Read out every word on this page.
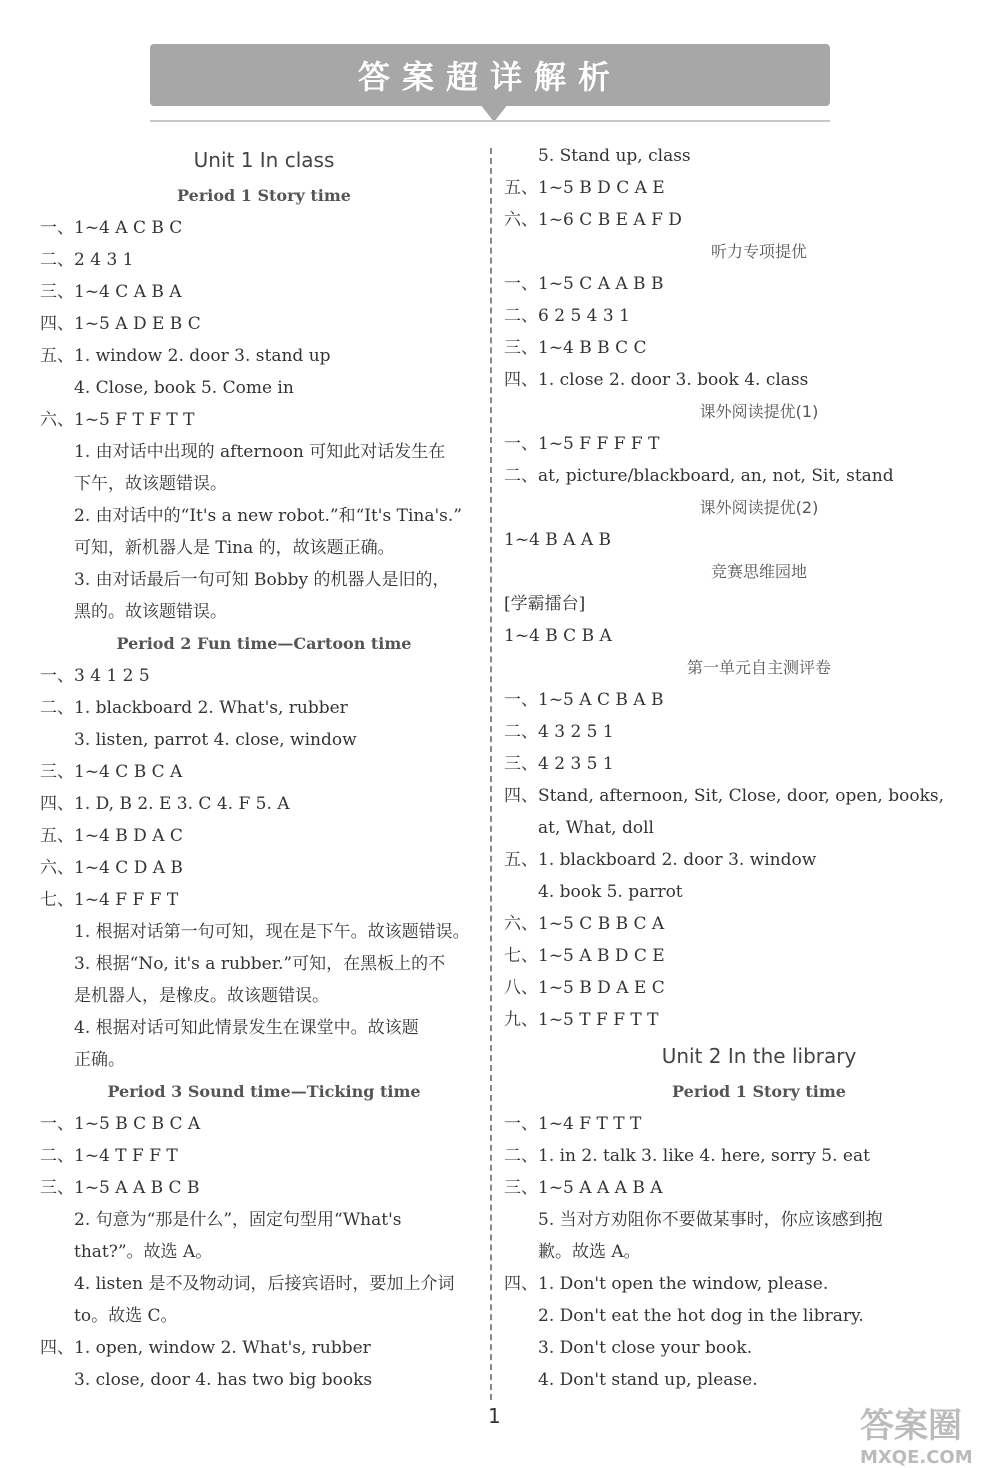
答案超详解析
Unit 1 In class
Period 1 Story time
一、1~4 A C B C
二、2 4 3 1
三、1~4 C A B A
四、1~5 A D E B C
五、1. window 2. door 3. stand up
4. Close, book 5. Come in
六、1~5 F T F T T
1. 由对话中出现的 afternoon 可知此对话发生在
下午，故该题错误。
2. 由对话中的“It's a new robot.”和“It's Tina's.”
可知，新机器人是 Tina 的，故该题正确。
3. 由对话最后一句可知 Bobby 的机器人是旧的，
黑的。故该题错误。
Period 2 Fun time—Cartoon time
一、3 4 1 2 5
二、1. blackboard 2. What's, rubber
3. listen, parrot 4. close, window
三、1~4 C B C A
四、1. D, B 2. E 3. C 4. F 5. A
五、1~4 B D A C
六、1~4 C D A B
七、1~4 F F F T
1. 根据对话第一句可知，现在是下午。故该题错误。
3. 根据“No, it's a rubber.”可知，在黑板上的不
是机器人，是橡皮。故该题错误。
4. 根据对话可知此情景发生在课堂中。故该题
正确。
Period 3 Sound time—Ticking time
一、1~5 B C B C A
二、1~4 T F F T
三、1~5 A A B C B
2. 句意为“那是什么”，固定句型用“What's
that?”。故选 A。
4. listen 是不及物动词，后接宾语时，要加上介词
to。故选 C。
四、1. open, window 2. What's, rubber
3. close, door 4. has two big books
5. Stand up, class
五、1~5 B D C A E
六、1~6 C B E A F D
听力专项提优
一、1~5 C A A B B
二、6 2 5 4 3 1
三、1~4 B B C C
四、1. close 2. door 3. book 4. class
课外阅读提优(1)
一、1~5 F F F F T
二、at, picture/blackboard, an, not, Sit, stand
课外阅读提优(2)
1~4 B A A B
竞赛思维园地
[学霸擂台]
1~4 B C B A
第一单元自主测评卷
一、1~5 A C B A B
二、4 3 2 5 1
三、4 2 3 5 1
四、Stand, afternoon, Sit, Close, door, open, books,
at, What, doll
五、1. blackboard 2. door 3. window
4. book 5. parrot
六、1~5 C B B C A
七、1~5 A B D C E
八、1~5 B D A E C
九、1~5 T F F T T
Unit 2 In the library
Period 1 Story time
一、1~4 F T T T
二、1. in 2. talk 3. like 4. here, sorry 5. eat
三、1~5 A A A B A
5. 当对方劝阻你不要做某事时，你应该感到抱
歉。故选 A。
四、1. Don't open the window, please.
2. Don't eat the hot dog in the library.
3. Don't close your book.
4. Don't stand up, please.
1	答案圈
MXQE.COM
